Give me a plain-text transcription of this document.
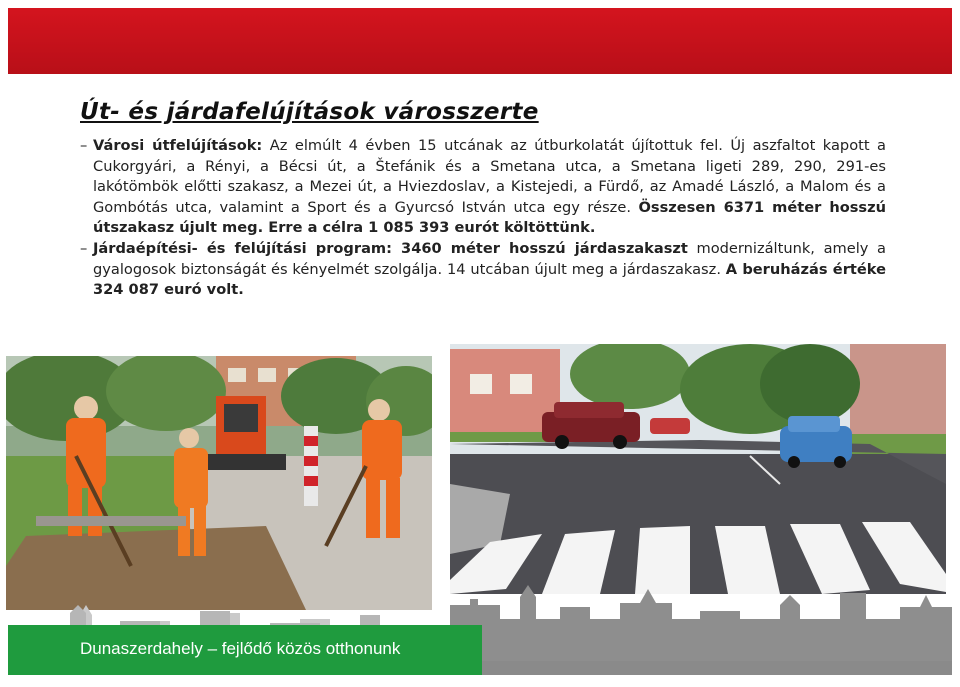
Út- és járdafelújítások városszerte

– Városi útfelújítások: Az elmúlt 4 évben 15 utcának az útburkolatát újítottuk fel. Új aszfaltot kapott a Cukorgyári, a Rényi, a Bécsi út, a Štefánik és a Smetana utca, a Smetana ligeti 289, 290, 291-es lakótömbök előtti szakasz, a Mezei út, a Hviezdoslav, a Kistejedi, a Fürdő, az Amadé László, a Malom és a Gombótás utca, valamint a Sport és a Gyurcsó István utca egy része. Összesen 6371 méter hosszú útszakasz újult meg. Erre a célra 1 085 393 eurót költöttünk.

– Járdaépítési- és felújítási program: 3460 méter hosszú járdaszakaszt modernizáltunk, amely a gyalogosok biztonságát és kényelmét szolgálja. 14 utcában újult meg a járdaszakasz. A beruházás értéke 324 087 euró volt.

Dunaszerdahely – fejlődő közös otthonunk
